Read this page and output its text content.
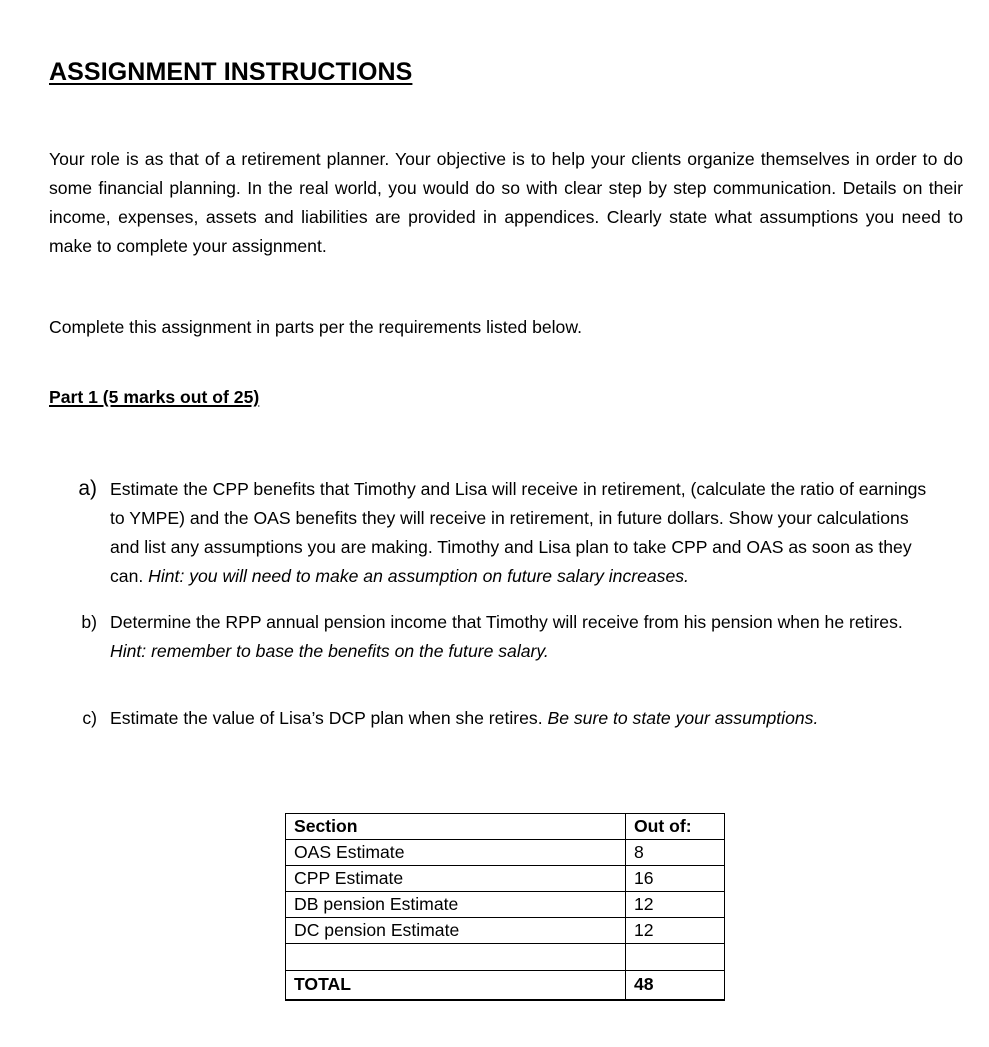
ASSIGNMENT INSTRUCTIONS

Your role is as that of a retirement planner. Your objective is to help your clients organize themselves in order to do some financial planning. In the real world, you would do so with clear step by step communication. Details on their income, expenses, assets and liabilities are provided in appendices. Clearly state what assumptions you need to make to complete your assignment.

Complete this assignment in parts per the requirements listed below.

Part 1 (5 marks out of 25)
a) Estimate the CPP benefits that Timothy and Lisa will receive in retirement, (calculate the ratio of earnings to YMPE) and the OAS benefits they will receive in retirement, in future dollars. Show your calculations and list any assumptions you are making. Timothy and Lisa plan to take CPP and OAS as soon as they can. Hint: you will need to make an assumption on future salary increases.
b) Determine the RPP annual pension income that Timothy will receive from his pension when he retires. Hint: remember to base the benefits on the future salary.
c) Estimate the value of Lisa’s DCP plan when she retires. Be sure to state your assumptions.
Section	Out of:
OAS Estimate	8
CPP Estimate	16
DB pension Estimate	12
DC pension Estimate	12

TOTAL	48
